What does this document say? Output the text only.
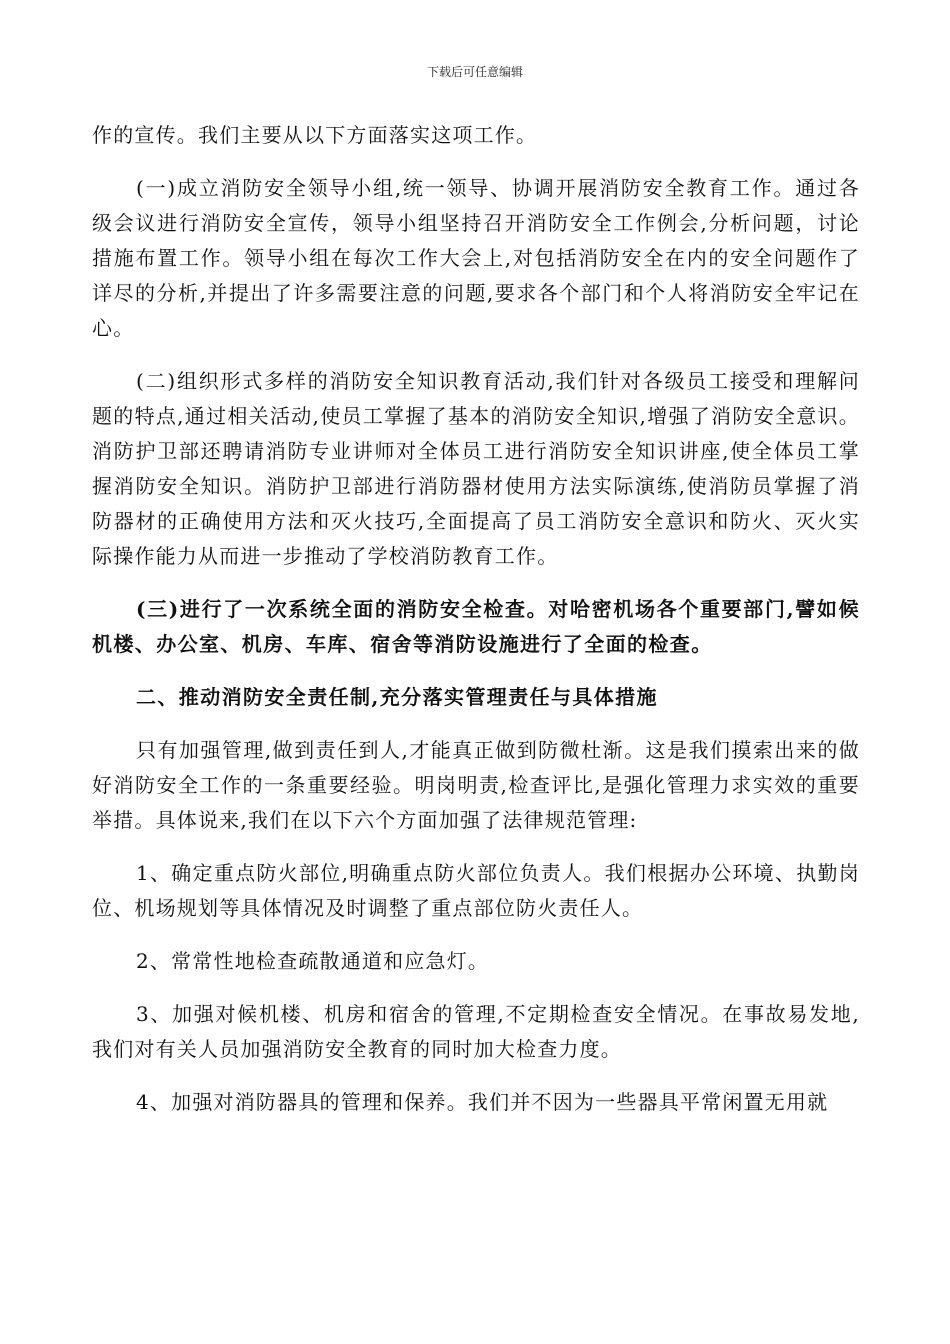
下载后可任意编辑

作的宣传。我们主要从以下方面落实这项工作。

(一)成立消防安全领导小组,统一领导、协调开展消防安全教育工作。通过各级会议进行消防安全宣传，领导小组坚持召开消防安全工作例会,分析问题，讨论措施布置工作。领导小组在每次工作大会上,对包括消防安全在内的安全问题作了详尽的分析,并提出了许多需要注意的问题,要求各个部门和个人将消防安全牢记在心。

(二)组织形式多样的消防安全知识教育活动,我们针对各级员工接受和理解问题的特点,通过相关活动,使员工掌握了基本的消防安全知识,增强了消防安全意识。消防护卫部还聘请消防专业讲师对全体员工进行消防安全知识讲座,使全体员工掌握消防安全知识。消防护卫部进行消防器材使用方法实际演练,使消防员掌握了消防器材的正确使用方法和灭火技巧,全面提高了员工消防安全意识和防火、灭火实际操作能力从而进一步推动了学校消防教育工作。

(三)进行了一次系统全面的消防安全检查。对哈密机场各个重要部门,譬如候机楼、办公室、机房、车库、宿舍等消防设施进行了全面的检查。

二、推动消防安全责任制,充分落实管理责任与具体措施

只有加强管理,做到责任到人,才能真正做到防微杜渐。这是我们摸索出来的做好消防安全工作的一条重要经验。明岗明责,检查评比,是强化管理力求实效的重要举措。具体说来,我们在以下六个方面加强了法律规范管理:

1、确定重点防火部位,明确重点防火部位负责人。我们根据办公环境、执勤岗位、机场规划等具体情况及时调整了重点部位防火责任人。

2、常常性地检查疏散通道和应急灯。

3、加强对候机楼、机房和宿舍的管理,不定期检查安全情况。在事故易发地,我们对有关人员加强消防安全教育的同时加大检查力度。

4、加强对消防器具的管理和保养。我们并不因为一些器具平常闲置无用就
